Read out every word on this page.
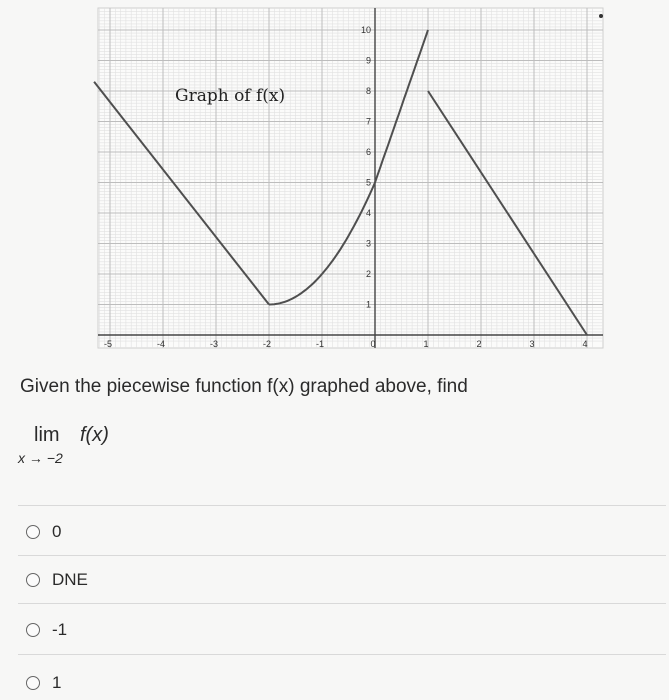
-5	-4	-3	-2	-1	0	1	2	3	4
1
2
3
4
5
6
7
8
9
10
Graph of f(x)
Given the piecewise function f(x) graphed above, find
lim f(x)
x → −2
0
DNE
-1
1
